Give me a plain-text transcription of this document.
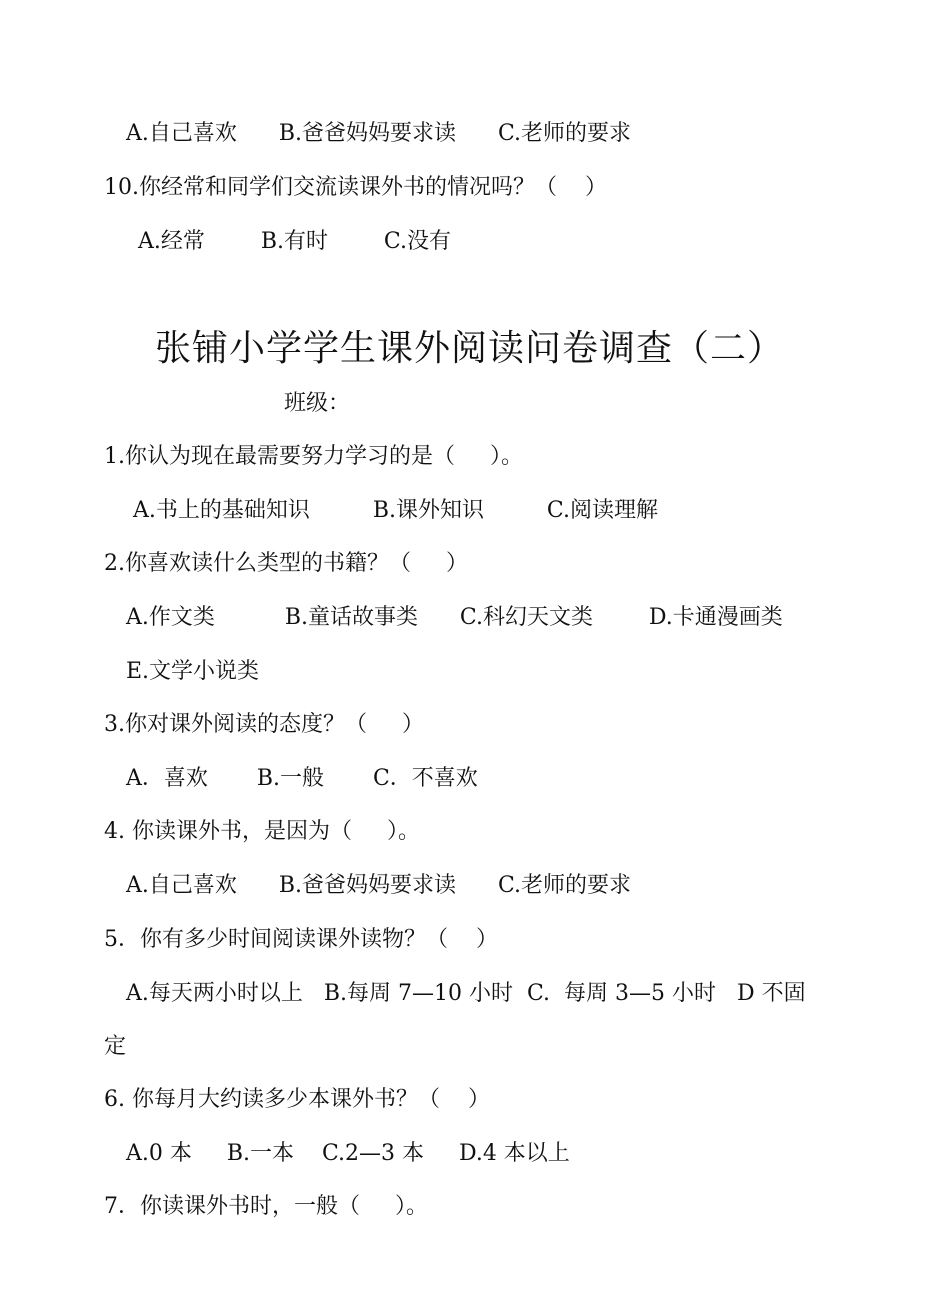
A.自己喜欢      B.爸爸妈妈要求读      C.老师的要求
10.你经常和同学们交流读课外书的情况吗？（    ）
A.经常        B.有时        C.没有
张铺小学学生课外阅读问卷调查（二）
班级：
1.你认为现在最需要努力学习的是（     ）。
A.书上的基础知识         B.课外知识         C.阅读理解
2.你喜欢读什么类型的书籍？（     ）
A.作文类          B.童话故事类      C.科幻天文类        D.卡通漫画类
E.文学小说类
3.你对课外阅读的态度？（     ）
A．喜欢       B.一般       C．不喜欢
4. 你读课外书，是因为（     ）。
A.自己喜欢      B.爸爸妈妈要求读      C.老师的要求
5．你有多少时间阅读课外读物？（    ）
A.每天两小时以上   B.每周 7—10 小时  C.  每周 3—5 小时   D 不固
定
6. 你每月大约读多少本课外书？（    ）
A.0 本     B.一本    C.2—3 本     D.4 本以上
7．你读课外书时，一般（     ）。
